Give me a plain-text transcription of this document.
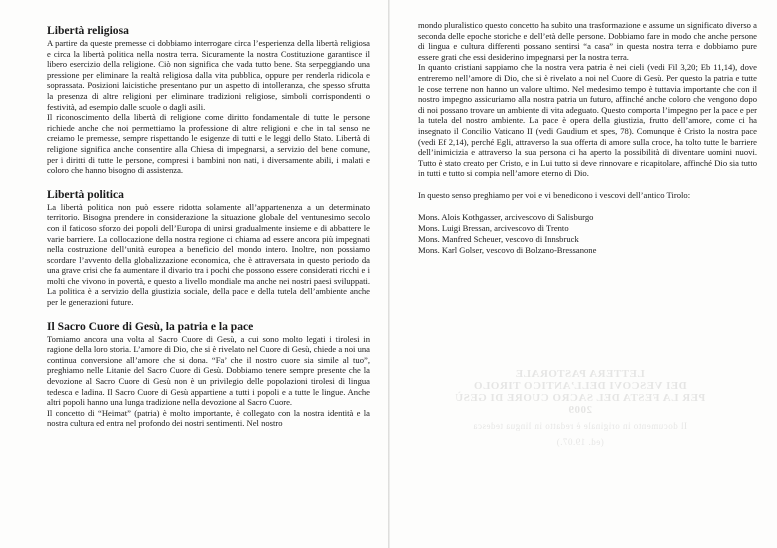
Libertà religiosa

A partire da queste premesse ci dobbiamo interrogare circa l’esperienza della libertà religiosa e circa la libertà politica nella nostra terra. Sicuramente la nostra Costituzione garantisce il libero esercizio della religione. Ciò non significa che vada tutto bene. Sta serpeggiando una pressione per eliminare la realtà religiosa dalla vita pubblica, oppure per renderla ridicola e soprassata. Posizioni laicistiche presentano pur un aspetto di intolleranza, che spesso sfrutta la presenza di altre religioni per eliminare tradizioni religiose, simboli corrispondenti o festività, ad esempio dalle scuole o dagli asili.

Il riconoscimento della libertà di religione come diritto fondamentale di tutte le persone richiede anche che noi permettiamo la professione di altre religioni e che in tal senso ne creiamo le premesse, sempre rispettando le esigenze di tutti e le leggi dello Stato. Libertà di religione significa anche consentire alla Chiesa di impegnarsi, a servizio del bene comune, per i diritti di tutte le persone, compresi i bambini non nati, i diversamente abili, i malati e coloro che hanno bisogno di assistenza.

Libertà politica

La libertà politica non può essere ridotta solamente all’appartenenza a un determinato territorio. Bisogna prendere in considerazione la situazione globale del ventunesimo secolo con il faticoso sforzo dei popoli dell’Europa di unirsi gradualmente insieme e di abbattere le varie barriere. La collocazione della nostra regione ci chiama ad essere ancora più impegnati nella costruzione dell’unità europea a beneficio del mondo intero. Inoltre, non possiamo scordare l’avvento della globalizzazione economica, che è attraversata in questo periodo da una grave crisi che fa aumentare il divario tra i pochi che possono essere considerati ricchi e i molti che vivono in povertà, e questo a livello mondiale ma anche nei nostri paesi sviluppati. La politica è a servizio della giustizia sociale, della pace e della tutela dell’ambiente anche per le generazioni future.

Il Sacro Cuore di Gesù, la patria e la pace

Torniamo ancora una volta al Sacro Cuore di Gesù, a cui sono molto legati i tirolesi in ragione della loro storia. L’amore di Dio, che si è rivelato nel Cuore di Gesù, chiede a noi una continua conversione all’amore che si dona. “Fa’ che il nostro cuore sia simile al tuo”, preghiamo nelle Litanie del Sacro Cuore di Gesù. Dobbiamo tenere sempre presente che la devozione al Sacro Cuore di Gesù non è un privilegio delle popolazioni tirolesi di lingua tedesca e ladina. Il Sacro Cuore di Gesù appartiene a tutti i popoli e a tutte le lingue. Anche altri popoli hanno una lunga tradizione nella devozione al Sacro Cuore.

Il concetto di “Heimat” (patria) è molto importante, è collegato con la nostra identità e la nostra cultura ed entra nel profondo dei nostri sentimenti. Nel nostro

mondo pluralistico questo concetto ha subito una trasformazione e assume un significato diverso a seconda delle epoche storiche e dell’età delle persone. Dobbiamo fare in modo che anche persone di lingua e cultura differenti possano sentirsi “a casa” in questa nostra terra e dobbiamo pure essere grati che essi desiderino impegnarsi per la nostra terra.

In quanto cristiani sappiamo che la nostra vera patria è nei cieli (vedi Fil 3,20; Eb 11,14), dove entreremo nell’amore di Dio, che si è rivelato a noi nel Cuore di Gesù. Per questo la patria e tutte le cose terrene non hanno un valore ultimo. Nel medesimo tempo è tuttavia importante che con il nostro impegno assicuriamo alla nostra patria un futuro, affinché anche coloro che vengono dopo di noi possano trovare un ambiente di vita adeguato. Questo comporta l’impegno per la pace e per la tutela del nostro ambiente. La pace è opera della giustizia, frutto dell’amore, come ci ha insegnato il Concilio Vaticano II (vedi Gaudium et spes, 78). Comunque è Cristo la nostra pace (vedi Ef 2,14), perché Egli, attraverso la sua offerta di amore sulla croce, ha tolto tutte le barriere dell’inimicizia e attraverso la sua persona ci ha aperto la possibilità di diventare uomini nuovi. Tutto è stato creato per Cristo, e in Lui tutto si deve rinnovare e ricapitolare, affinché Dio sia tutto in tutti e tutto si compia nell’amore eterno di Dio.

In questo senso preghiamo per voi e vi benedicono i vescovi dell’antico Tirolo:

Mons. Alois Kothgasser, arcivescovo di Salisburgo

Mons. Luigi Bressan, arcivescovo di Trento

Mons. Manfred Scheuer, vescovo di Innsbruck

Mons. Karl Golser, vescovo di Bolzano-Bressanone

LETTERA PASTORALE
DEI VESCOVI DELL’ANTICO TIROLO
PER LA FESTA DEL SACRO CUORE DI GESÙ
2009
Il documento in originale è redatto in lingua tedesca
(ed. 19.07.)
